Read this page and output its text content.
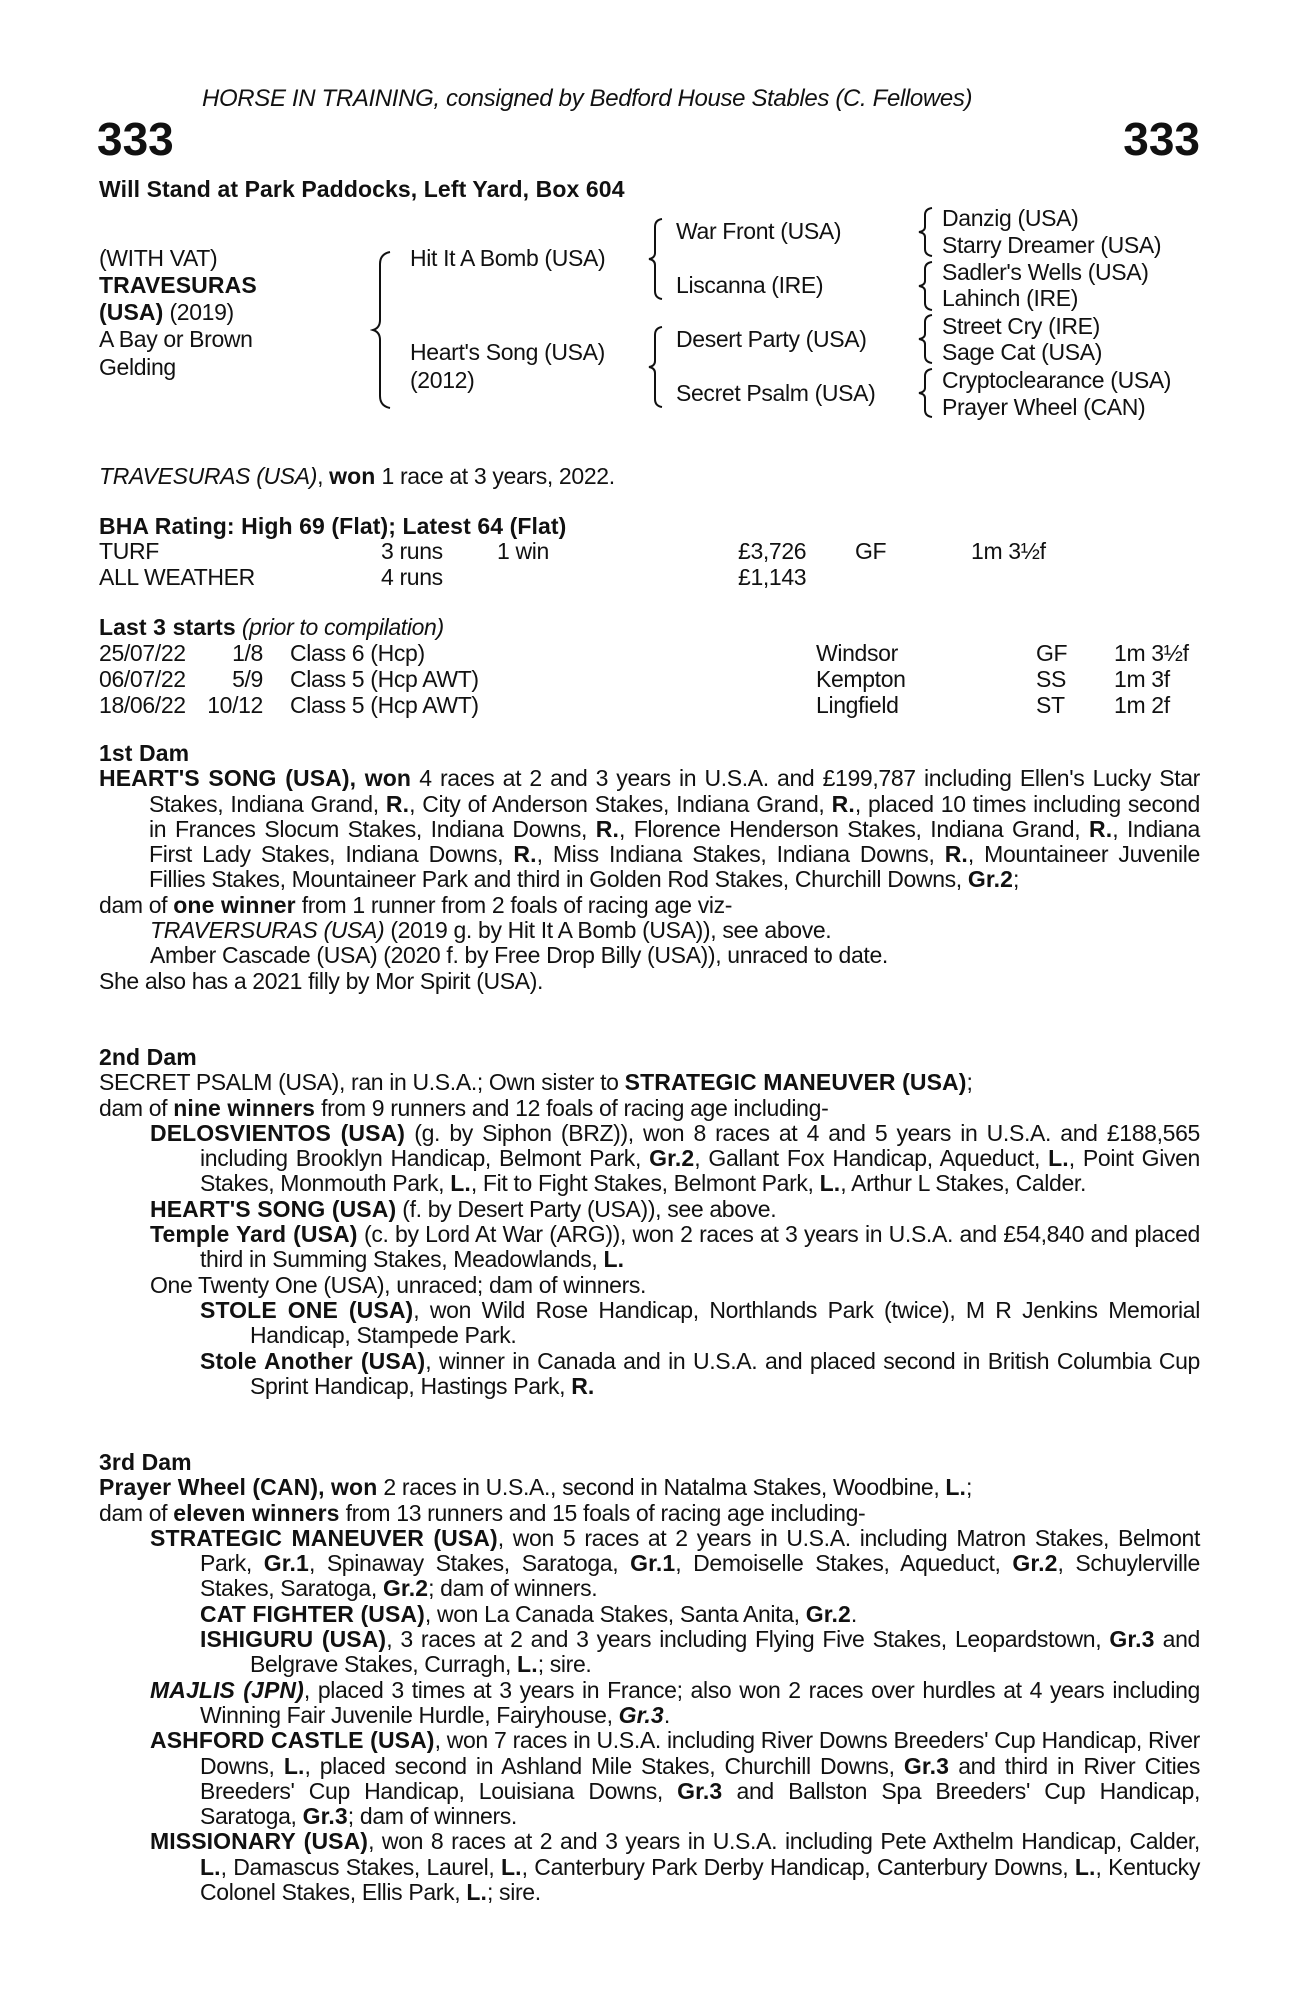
HORSE IN TRAINING, consigned by Bedford House Stables (C. Fellowes)
333	333
Will Stand at Park Paddocks, Left Yard, Box 604
(WITH VAT)
TRAVESURAS
(USA) (2019)
A Bay or Brown
Gelding
Hit It A Bomb (USA)
Heart's Song (USA)
(2012)
War Front (USA)
Liscanna (IRE)
Desert Party (USA)
Secret Psalm (USA)
Danzig (USA)
Starry Dreamer (USA)
Sadler's Wells (USA)
Lahinch (IRE)
Street Cry (IRE)
Sage Cat (USA)
Cryptoclearance (USA)
Prayer Wheel (CAN)
TRAVESURAS (USA), won 1 race at 3 years, 2022.
BHA Rating: High 69 (Flat); Latest 64 (Flat)
TURF	3 runs 1 win	£3,726 GF	1m 3½f
ALL WEATHER	4 runs	£1,143
Last 3 starts (prior to compilation)
25/07/22 1/8 Class 6 (Hcp)	Windsor	GF 1m 3½f
06/07/22 5/9 Class 5 (Hcp AWT)	Kempton	SS 1m 3f
18/06/22 10/12 Class 5 (Hcp AWT)	Lingfield	ST 1m 2f
1st Dam

HEART'S SONG (USA), won 4 races at 2 and 3 years in U.S.A. and £199,787 including Ellen's Lucky Star Stakes, Indiana Grand, R., City of Anderson Stakes, Indiana Grand, R., placed 10 times including second in Frances Slocum Stakes, Indiana Downs, R., Florence Henderson Stakes, Indiana Grand, R., Indiana First Lady Stakes, Indiana Downs, R., Miss Indiana Stakes, Indiana Downs, R., Mountaineer Juvenile Fillies Stakes, Mountaineer Park and third in Golden Rod Stakes, Churchill Downs, Gr.2;

dam of one winner from 1 runner from 2 foals of racing age viz-

TRAVERSURAS (USA) (2019 g. by Hit It A Bomb (USA)), see above.

Amber Cascade (USA) (2020 f. by Free Drop Billy (USA)), unraced to date.

She also has a 2021 filly by Mor Spirit (USA).

2nd Dam

SECRET PSALM (USA), ran in U.S.A.; Own sister to STRATEGIC MANEUVER (USA);

dam of nine winners from 9 runners and 12 foals of racing age including-

DELOSVIENTOS (USA) (g. by Siphon (BRZ)), won 8 races at 4 and 5 years in U.S.A. and £188,565 including Brooklyn Handicap, Belmont Park, Gr.2, Gallant Fox Handicap, Aqueduct, L., Point Given Stakes, Monmouth Park, L., Fit to Fight Stakes, Belmont Park, L., Arthur L Stakes, Calder.

HEART'S SONG (USA) (f. by Desert Party (USA)), see above.

Temple Yard (USA) (c. by Lord At War (ARG)), won 2 races at 3 years in U.S.A. and £54,840 and placed third in Summing Stakes, Meadowlands, L.

One Twenty One (USA), unraced; dam of winners.

STOLE ONE (USA), won Wild Rose Handicap, Northlands Park (twice), M R Jenkins Memorial Handicap, Stampede Park.

Stole Another (USA), winner in Canada and in U.S.A. and placed second in British Columbia Cup Sprint Handicap, Hastings Park, R.

3rd Dam

Prayer Wheel (CAN), won 2 races in U.S.A., second in Natalma Stakes, Woodbine, L.;

dam of eleven winners from 13 runners and 15 foals of racing age including-

STRATEGIC MANEUVER (USA), won 5 races at 2 years in U.S.A. including Matron Stakes, Belmont Park, Gr.1, Spinaway Stakes, Saratoga, Gr.1, Demoiselle Stakes, Aqueduct, Gr.2, Schuylerville Stakes, Saratoga, Gr.2; dam of winners.

CAT FIGHTER (USA), won La Canada Stakes, Santa Anita, Gr.2.

ISHIGURU (USA), 3 races at 2 and 3 years including Flying Five Stakes, Leopardstown, Gr.3 and Belgrave Stakes, Curragh, L.; sire.

MAJLIS (JPN), placed 3 times at 3 years in France; also won 2 races over hurdles at 4 years including Winning Fair Juvenile Hurdle, Fairyhouse, Gr.3.

ASHFORD CASTLE (USA), won 7 races in U.S.A. including River Downs Breeders' Cup Handicap, River Downs, L., placed second in Ashland Mile Stakes, Churchill Downs, Gr.3 and third in River Cities Breeders' Cup Handicap, Louisiana Downs, Gr.3 and Ballston Spa Breeders' Cup Handicap, Saratoga, Gr.3; dam of winners.

MISSIONARY (USA), won 8 races at 2 and 3 years in U.S.A. including Pete Axthelm Handicap, Calder, L., Damascus Stakes, Laurel, L., Canterbury Park Derby Handicap, Canterbury Downs, L., Kentucky Colonel Stakes, Ellis Park, L.; sire.
